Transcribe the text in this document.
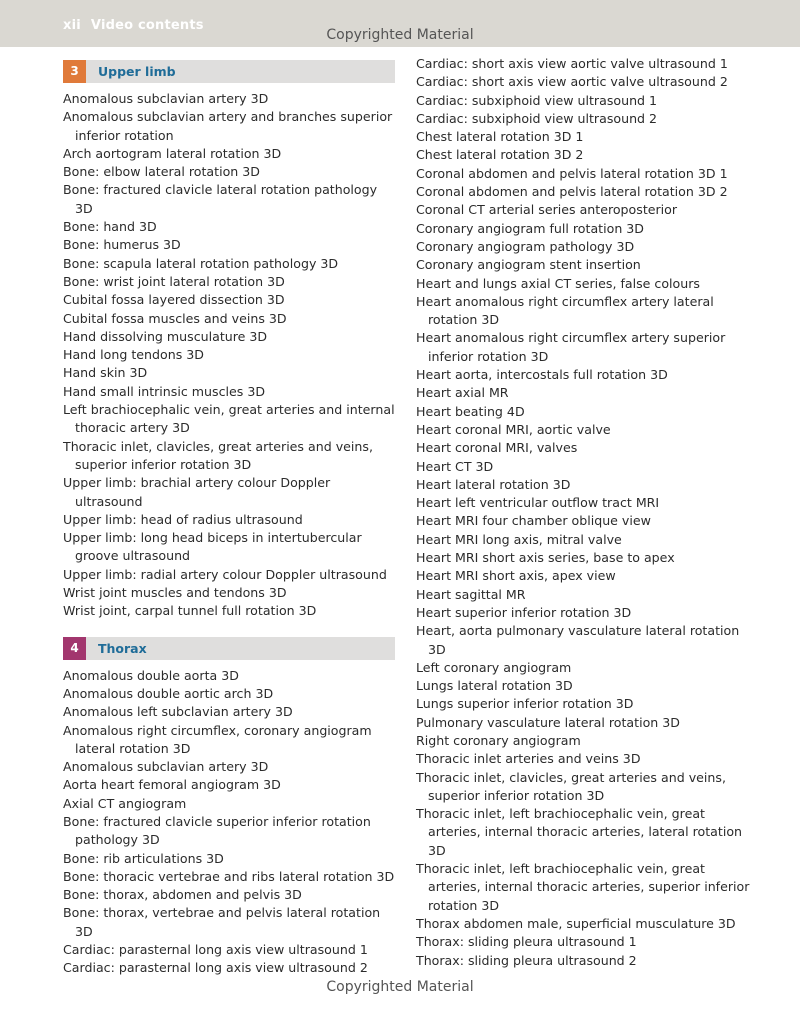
xii Video contents
Copyrighted Material
3	Upper limb
Anomalous subclavian artery 3D
Anomalous subclavian artery and branches superior inferior rotation
Arch aortogram lateral rotation 3D
Bone: elbow lateral rotation 3D
Bone: fractured clavicle lateral rotation pathology 3D
Bone: hand 3D
Bone: humerus 3D
Bone: scapula lateral rotation pathology 3D
Bone: wrist joint lateral rotation 3D
Cubital fossa layered dissection 3D
Cubital fossa muscles and veins 3D
Hand dissolving musculature 3D
Hand long tendons 3D
Hand skin 3D
Hand small intrinsic muscles 3D
Left brachiocephalic vein, great arteries and internal thoracic artery 3D
Thoracic inlet, clavicles, great arteries and veins, superior inferior rotation 3D
Upper limb: brachial artery colour Doppler ultrasound
Upper limb: head of radius ultrasound
Upper limb: long head biceps in intertubercular groove ultrasound
Upper limb: radial artery colour Doppler ultrasound
Wrist joint muscles and tendons 3D
Wrist joint, carpal tunnel full rotation 3D
4	Thorax
Anomalous double aorta 3D
Anomalous double aortic arch 3D
Anomalous left subclavian artery 3D
Anomalous right circumflex, coronary angiogram lateral rotation 3D
Anomalous subclavian artery 3D
Aorta heart femoral angiogram 3D
Axial CT angiogram
Bone: fractured clavicle superior inferior rotation pathology 3D
Bone: rib articulations 3D
Bone: thoracic vertebrae and ribs lateral rotation 3D
Bone: thorax, abdomen and pelvis 3D
Bone: thorax, vertebrae and pelvis lateral rotation 3D
Cardiac: parasternal long axis view ultrasound 1
Cardiac: parasternal long axis view ultrasound 2
Cardiac: short axis view aortic valve ultrasound 1
Cardiac: short axis view aortic valve ultrasound 2
Cardiac: subxiphoid view ultrasound 1
Cardiac: subxiphoid view ultrasound 2
Chest lateral rotation 3D 1
Chest lateral rotation 3D 2
Coronal abdomen and pelvis lateral rotation 3D 1
Coronal abdomen and pelvis lateral rotation 3D 2
Coronal CT arterial series anteroposterior
Coronary angiogram full rotation 3D
Coronary angiogram pathology 3D
Coronary angiogram stent insertion
Heart and lungs axial CT series, false colours
Heart anomalous right circumflex artery lateral rotation 3D
Heart anomalous right circumflex artery superior inferior rotation 3D
Heart aorta, intercostals full rotation 3D
Heart axial MR
Heart beating 4D
Heart coronal MRI, aortic valve
Heart coronal MRI, valves
Heart CT 3D
Heart lateral rotation 3D
Heart left ventricular outflow tract MRI
Heart MRI four chamber oblique view
Heart MRI long axis, mitral valve
Heart MRI short axis series, base to apex
Heart MRI short axis, apex view
Heart sagittal MR
Heart superior inferior rotation 3D
Heart, aorta pulmonary vasculature lateral rotation 3D
Left coronary angiogram
Lungs lateral rotation 3D
Lungs superior inferior rotation 3D
Pulmonary vasculature lateral rotation 3D
Right coronary angiogram
Thoracic inlet arteries and veins 3D
Thoracic inlet, clavicles, great arteries and veins, superior inferior rotation 3D
Thoracic inlet, left brachiocephalic vein, great arteries, internal thoracic arteries, lateral rotation 3D
Thoracic inlet, left brachiocephalic vein, great arteries, internal thoracic arteries, superior inferior rotation 3D
Thorax abdomen male, superficial musculature 3D
Thorax: sliding pleura ultrasound 1
Thorax: sliding pleura ultrasound 2
Copyrighted Material
